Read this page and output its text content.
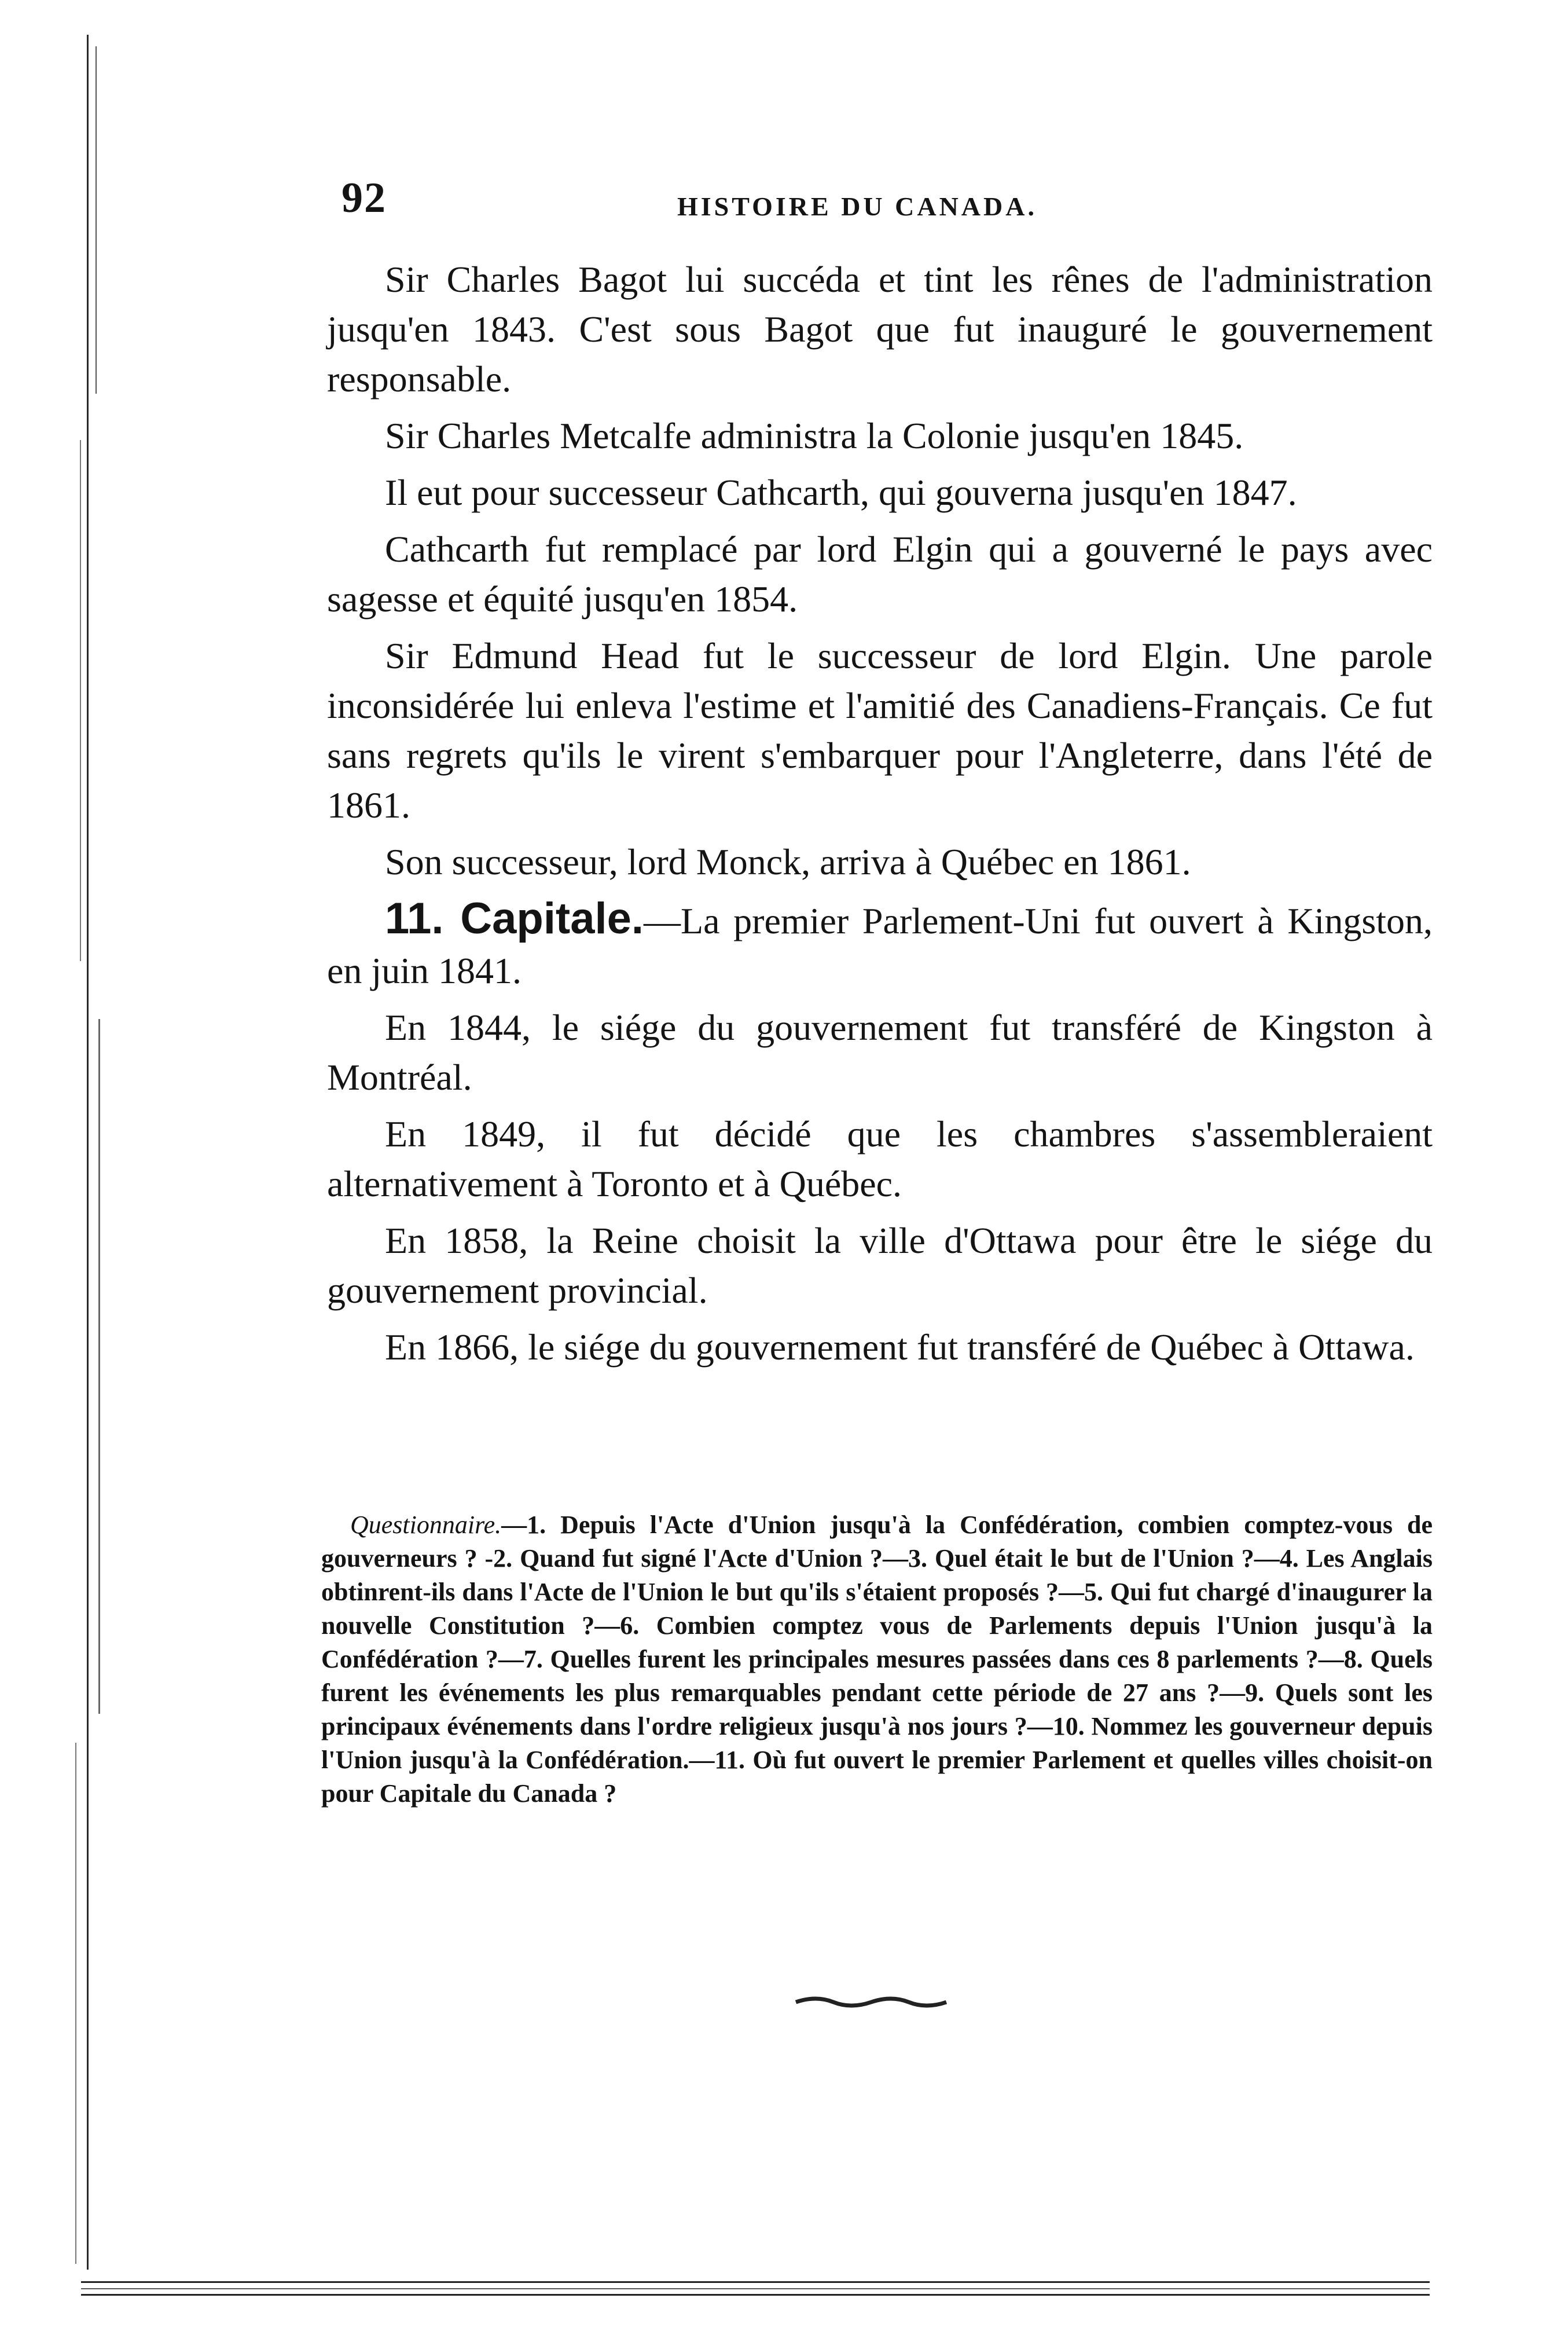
92	HISTOIRE DU CANADA.

Sir Charles Bagot lui succéda et tint les rênes de l'administration jusqu'en 1843. C'est sous Bagot que fut inauguré le gouvernement responsable.

Sir Charles Metcalfe administra la Colonie jusqu'en 1845.

Il eut pour successeur Cathcarth, qui gouverna jusqu'en 1847.

Cathcarth fut remplacé par lord Elgin qui a gouverné le pays avec sagesse et équité jusqu'en 1854.

Sir Edmund Head fut le successeur de lord Elgin. Une parole inconsidérée lui enleva l'estime et l'amitié des Canadiens-Français. Ce fut sans regrets qu'ils le virent s'embarquer pour l'Angleterre, dans l'été de 1861.

Son successeur, lord Monck, arriva à Québec en 1861.

11. Capitale.—La premier Parlement-Uni fut ouvert à Kingston, en juin 1841.

En 1844, le siége du gouvernement fut transféré de Kingston à Montréal.

En 1849, il fut décidé que les chambres s'assembleraient alternativement à Toronto et à Québec.

En 1858, la Reine choisit la ville d'Ottawa pour être le siége du gouvernement provincial.

En 1866, le siége du gouvernement fut transféré de Québec à Ottawa.

Questionnaire.—1. Depuis l'Acte d'Union jusqu'à la Confédération, combien comptez-vous de gouverneurs ? -2. Quand fut signé l'Acte d'Union ?—3. Quel était le but de l'Union ?—4. Les Anglais obtinrent-ils dans l'Acte de l'Union le but qu'ils s'étaient proposés ?—5. Qui fut chargé d'inaugurer la nouvelle Constitution ?—6. Combien comptez vous de Parlements depuis l'Union jusqu'à la Confédération ?—7. Quelles furent les principales mesures passées dans ces 8 parlements ?—8. Quels furent les événements les plus remarquables pendant cette période de 27 ans ?—9. Quels sont les principaux événements dans l'ordre religieux jusqu'à nos jours ?—10. Nommez les gouverneur depuis l'Union jusqu'à la Confédération.—11. Où fut ouvert le premier Parlement et quelles villes choisit-on pour Capitale du Canada ?
